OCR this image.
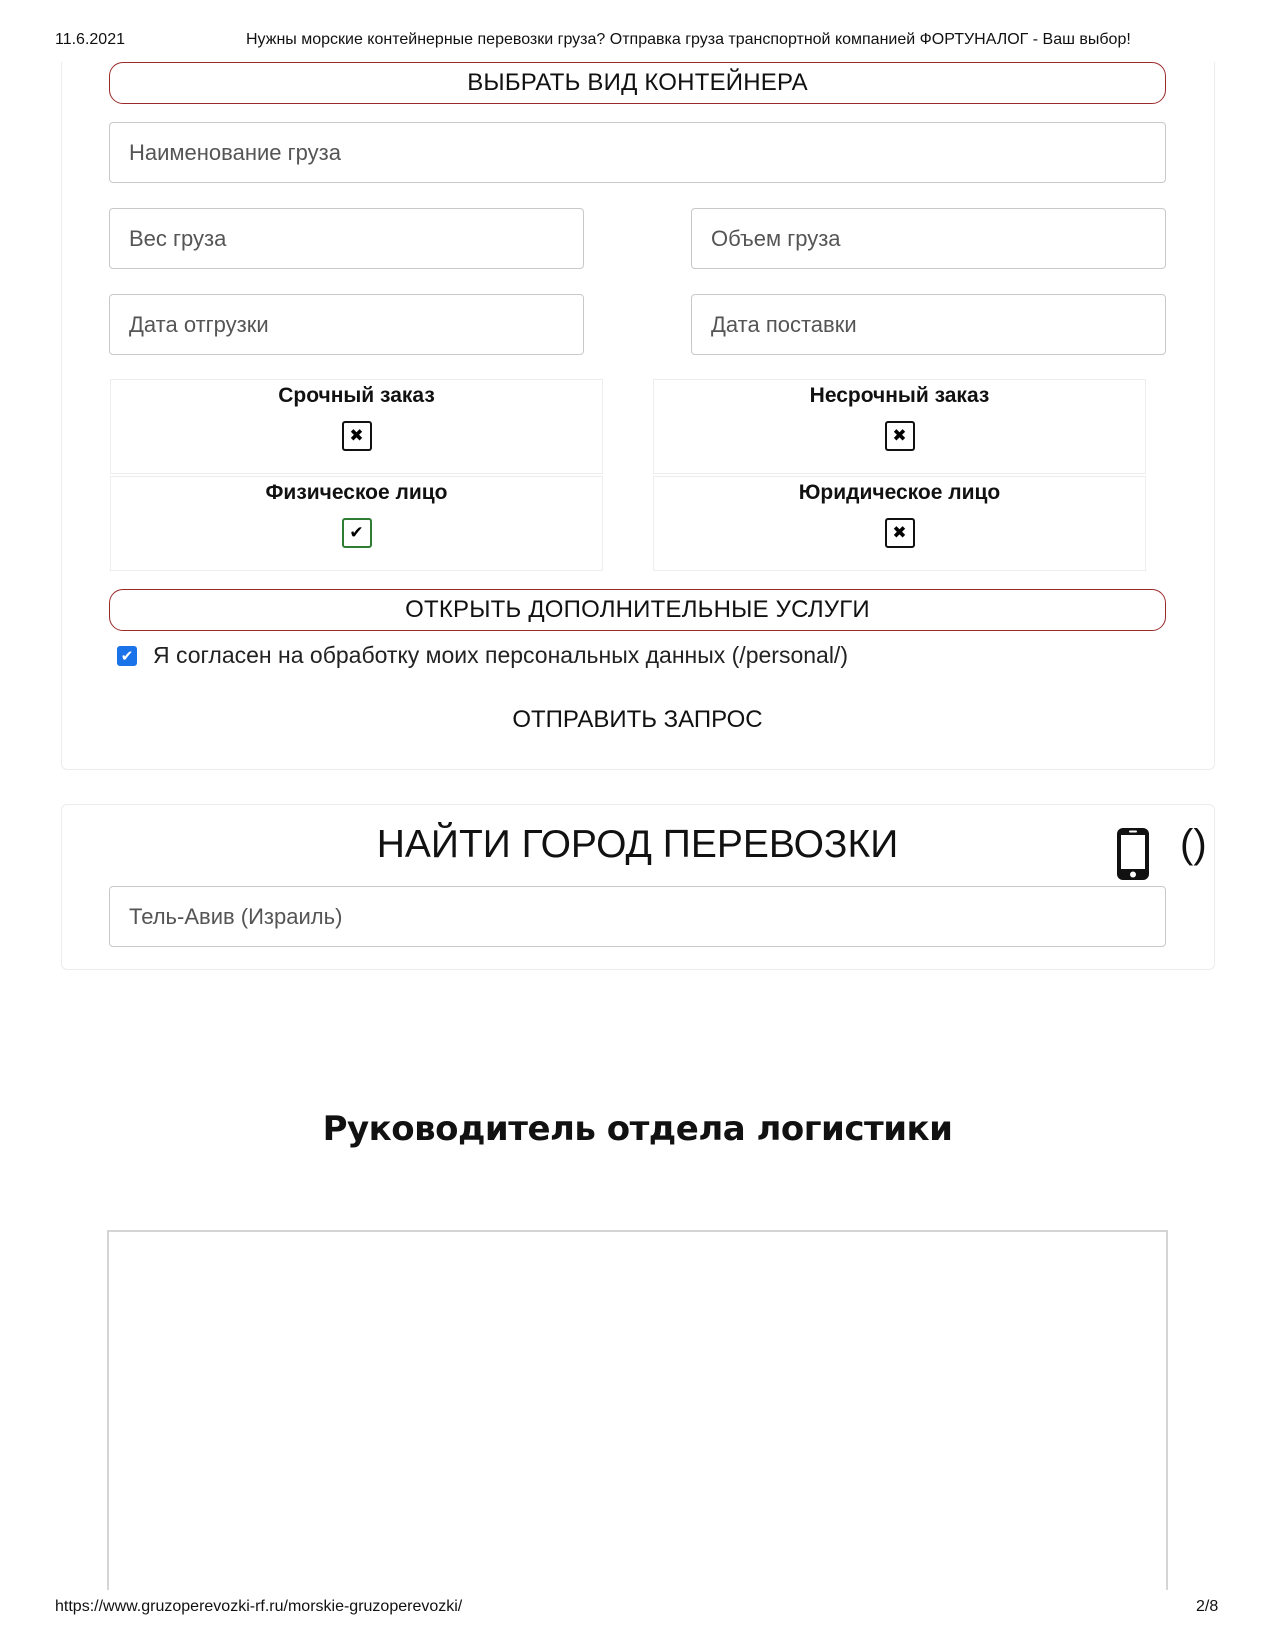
11.6.2021	Нужны морские контейнерные перевозки груза? Отправка груза транспортной компанией ФОРТУНАЛОГ - Ваш выбор!
ВЫБРАТЬ ВИД КОНТЕЙНЕРА
Наименование груза
Вес груза
Объем груза
Дата отгрузки
Дата поставки
Срочный заказ
✖
Несрочный заказ
✖
Физическое лицо
✔
Юридическое лицо
✖
ОТКРЫТЬ ДОПОЛНИТЕЛЬНЫЕ УСЛУГИ
✔ Я согласен на обработку моих персональных данных (/personal/)
ОТПРАВИТЬ ЗАПРОС
НАЙТИ ГОРОД ПЕРЕВОЗКИ	()
Тель-Авив (Израиль)
Руководитель отдела логистики
https://www.gruzoperevozki-rf.ru/morskie-gruzoperevozki/	2/8
